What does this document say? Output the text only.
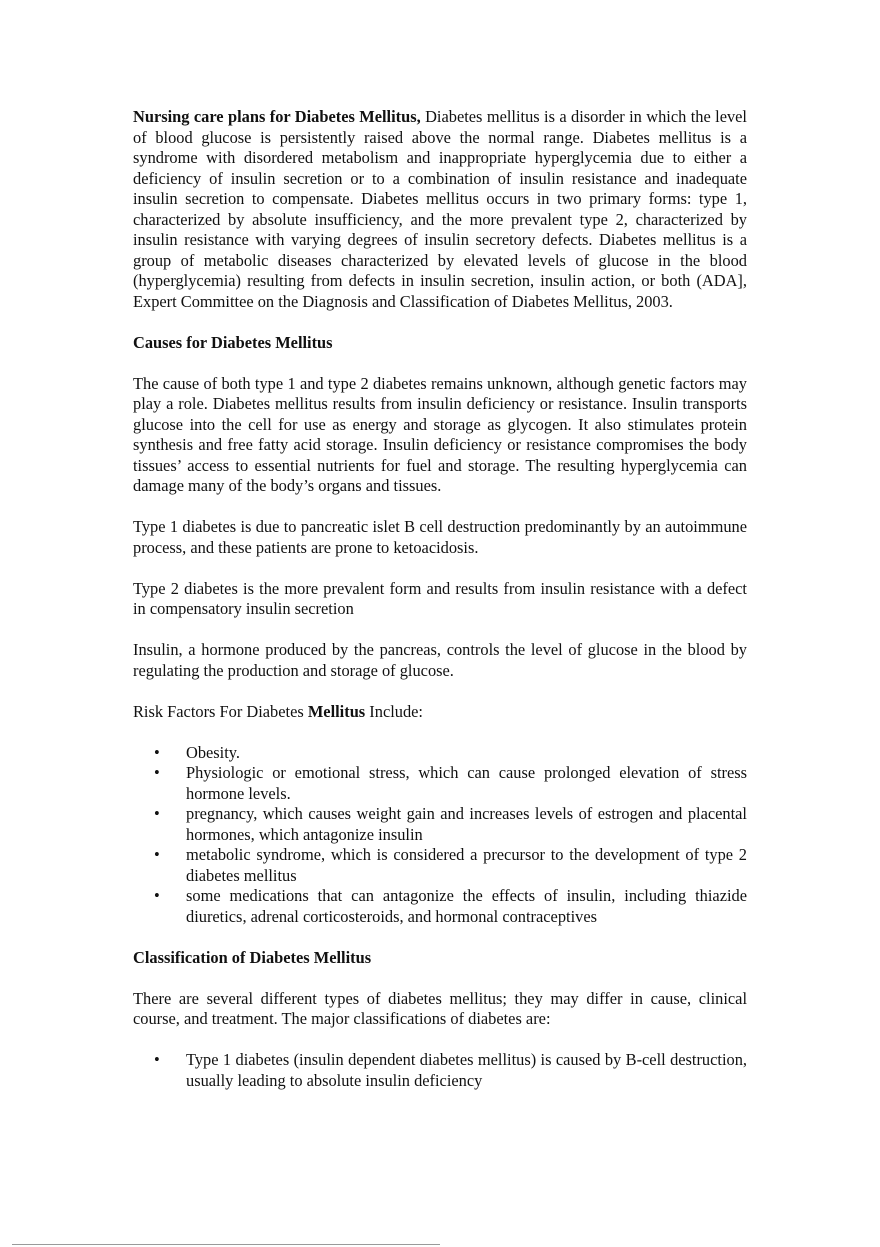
Nursing care plans for Diabetes Mellitus, Diabetes mellitus is a disorder in which the level of blood glucose is persistently raised above the normal range. Diabetes mellitus is a syndrome with disordered metabolism and inappropriate hyperglycemia due to either a deficiency of insulin secretion or to a combination of insulin resistance and inadequate insulin secretion to compensate. Diabetes mellitus occurs in two primary forms: type 1, characterized by absolute insufficiency, and the more prevalent type 2, characterized by insulin resistance with varying degrees of insulin secretory defects. Diabetes mellitus is a group of metabolic diseases characterized by elevated levels of glucose in the blood (hyperglycemia) resulting from defects in insulin secretion, insulin action, or both (ADA], Expert Committee on the Diagnosis and Classification of Diabetes Mellitus, 2003.

Causes for Diabetes Mellitus

The cause of both type 1 and type 2 diabetes remains unknown, although genetic factors may play a role. Diabetes mellitus results from insulin deficiency or resistance. Insulin transports glucose into the cell for use as energy and storage as glycogen. It also stimulates protein synthesis and free fatty acid storage. Insulin deficiency or resistance compromises the body tissues’ access to essential nutrients for fuel and storage. The resulting hyperglycemia can damage many of the body’s organs and tissues.

Type 1 diabetes is due to pancreatic islet B cell destruction predominantly by an autoimmune process, and these patients are prone to ketoacidosis.

Type 2 diabetes is the more prevalent form and results from insulin resistance with a defect in compensatory insulin secretion

Insulin, a hormone produced by the pancreas, controls the level of glucose in the blood by regulating the production and storage of glucose.

Risk Factors For Diabetes Mellitus Include:

• Obesity.
• Physiologic or emotional stress, which can cause prolonged elevation of stress hormone levels.
• pregnancy, which causes weight gain and increases levels of estrogen and placental hormones, which antagonize insulin
• metabolic syndrome, which is considered a precursor to the development of type 2 diabetes mellitus
• some medications that can antagonize the effects of insulin, including thiazide diuretics, adrenal corticosteroids, and hormonal contraceptives

Classification of Diabetes Mellitus

There are several different types of diabetes mellitus; they may differ in cause, clinical course, and treatment. The major classifications of diabetes are:

• Type 1 diabetes (insulin dependent diabetes mellitus) is caused by B-cell destruction, usually leading to absolute insulin deficiency
